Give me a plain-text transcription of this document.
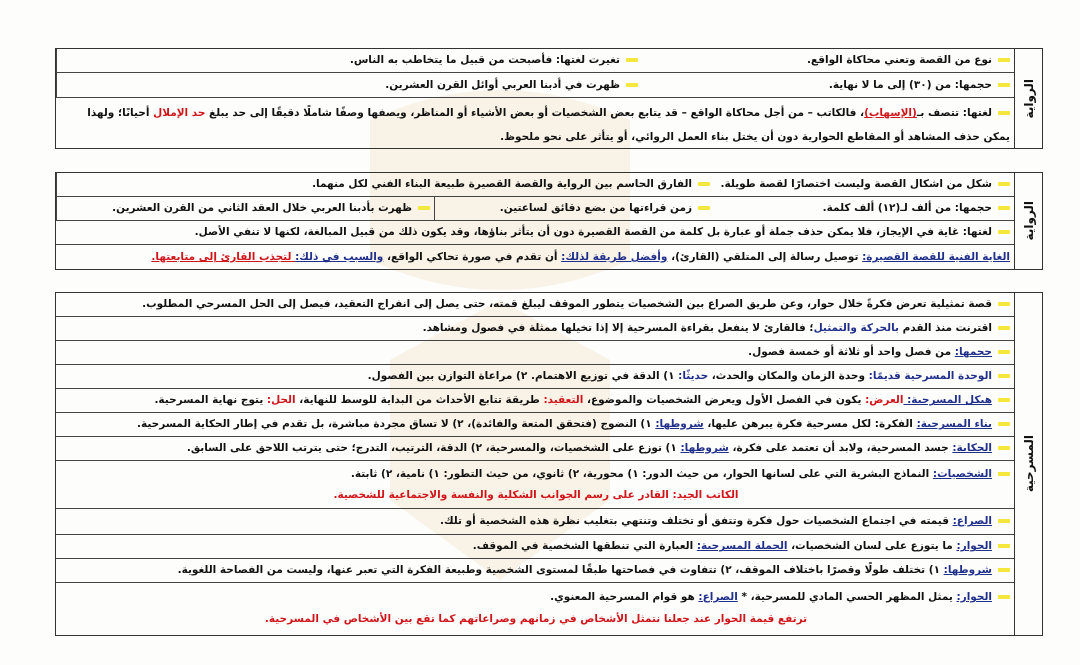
الرواية
نوع من القصة وتعني محاكاة الواقع.
تغيرت لغتها: فأصبحت من قبيل ما يتخاطب به الناس.
حجمها: من (٣٠) إلى ما لا نهاية.
ظهرت في أدبنا العربي أوائل القرن العشرين.
لغتها: تتصف بـ(الإسهاب)، فالكاتب – من أجل محاكاة الواقع – قد يتابع بعض الشخصيات أو بعض الأشياء أو المناظر، ويصفها وصفًا شاملًا دقيقًا إلى حد يبلغ حد الإملال أحيانًا؛ ولهذا
يمكن حذف المشاهد أو المقاطع الحوارية دون أن يختل بناء العمل الروائي، أو يتأثر على نحو ملحوظ.
الرواية
شكل من اشكال القصة وليست اختصارًا لقصة طويلة.
الفارق الحاسم بين الرواية والقصة القصيرة طبيعة البناء الفني لكل منهما.
حجمها: من ألف لـ(١٢) ألف كلمة.
زمن قراءتها من بضع دقائق لساعتين.
ظهرت بأدبنا العربي خلال العقد الثاني من القرن العشرين.
لغتها: غاية في الإيجاز، فلا يمكن حذف جملة أو عبارة بل كلمة من القصة القصيرة دون أن يتأثر بناؤها، وقد يكون ذلك من قبيل المبالغة، لكنها لا تنفي الأصل.
الغاية الفنية للقصة القصيرة: توصيل رسالة إلى المتلقي (القارئ)، وأفضل طريقة لذلك: أن تقدم في صورة تحاكي الواقع، والسبب في ذلك: لتجذب القارئ إلى متابعتها.
المسرحية
قصة تمثيلية تعرض فكرةً خلال حوار، وعن طريق الصراع بين الشخصيات يتطور الموقف ليبلغ قمته، حتى يصل إلى انفراج التعقيد، فيصل إلى الحل المسرحي المطلوب.
اقترنت منذ القدم بالحركة والتمثيل؛ فالقارئ لا ينفعل بقراءة المسرحية إلا إذا تخيلها ممثلة في فصول ومشاهد.
حجمها: من فصل واحد أو ثلاثة أو خمسة فصول.
الوحدة المسرحية قديمًا: وحدة الزمان والمكان والحدث، حديثًا: ١) الدقة في توزيع الاهتمام. ٢) مراعاة التوازن بين الفصول.
هيكل المسرحية: العرض: يكون في الفصل الأول ويعرض الشخصيات والموضوع، التعقيد: طريقة تتابع الأحداث من البداية للوسط للنهاية، الحل: يتوج نهاية المسرحية.
بناء المسرحية: الفكرة: لكل مسرحية فكرة يبرهن عليها، شروطها: ١) النضوج (فتحقق المتعة والفائدة)، ٢) لا تساق مجردة مباشرة، بل تقدم في إطار الحكاية المسرحية.
الحكاية: جسد المسرحية، ولابد أن تعتمد على فكرة، شروطها: ١) توزع على الشخصيات، والمسرحية، ٢) الدقة، الترتيب، التدرج؛ حتى يترتب اللاحق على السابق.
الشخصيات: النماذج البشرية التي على لسانها الحوار، من حيث الدور: ١) محورية، ٢) ثانوي، من حيث التطور: ١) نامية، ٢) ثابتة.

الكاتب الجيد: القادر على رسم الجوانب الشكلية والنفسة والاجتماعية للشخصية.
الصراع: قيمته في اجتماع الشخصيات حول فكرة وتتفق أو تختلف وتنتهي بتغليب نظرة هذه الشخصية أو تلك.
الحوار: ما يتوزع على لسان الشخصيات، الجملة المسرحية: العبارة التي تنطقها الشخصية في الموقف.
شروطها: ١) تختلف طولًا وقصرًا باختلاف الموقف، ٢) تتفاوت في فصاحتها طبقًا لمستوى الشخصية وطبيعة الفكرة التي تعبر عنها، وليست من الفصاحة اللغوية.
الحوار: يمثل المظهر الحسي المادي للمسرحية، * الصراع: هو قوام المسرحية المعنوي.

ترتفع قيمة الحوار عند جعلنا نتمثل الأشخاص في زمانهم وصراعاتهم كما تقع بين الأشخاص في المسرحية.
